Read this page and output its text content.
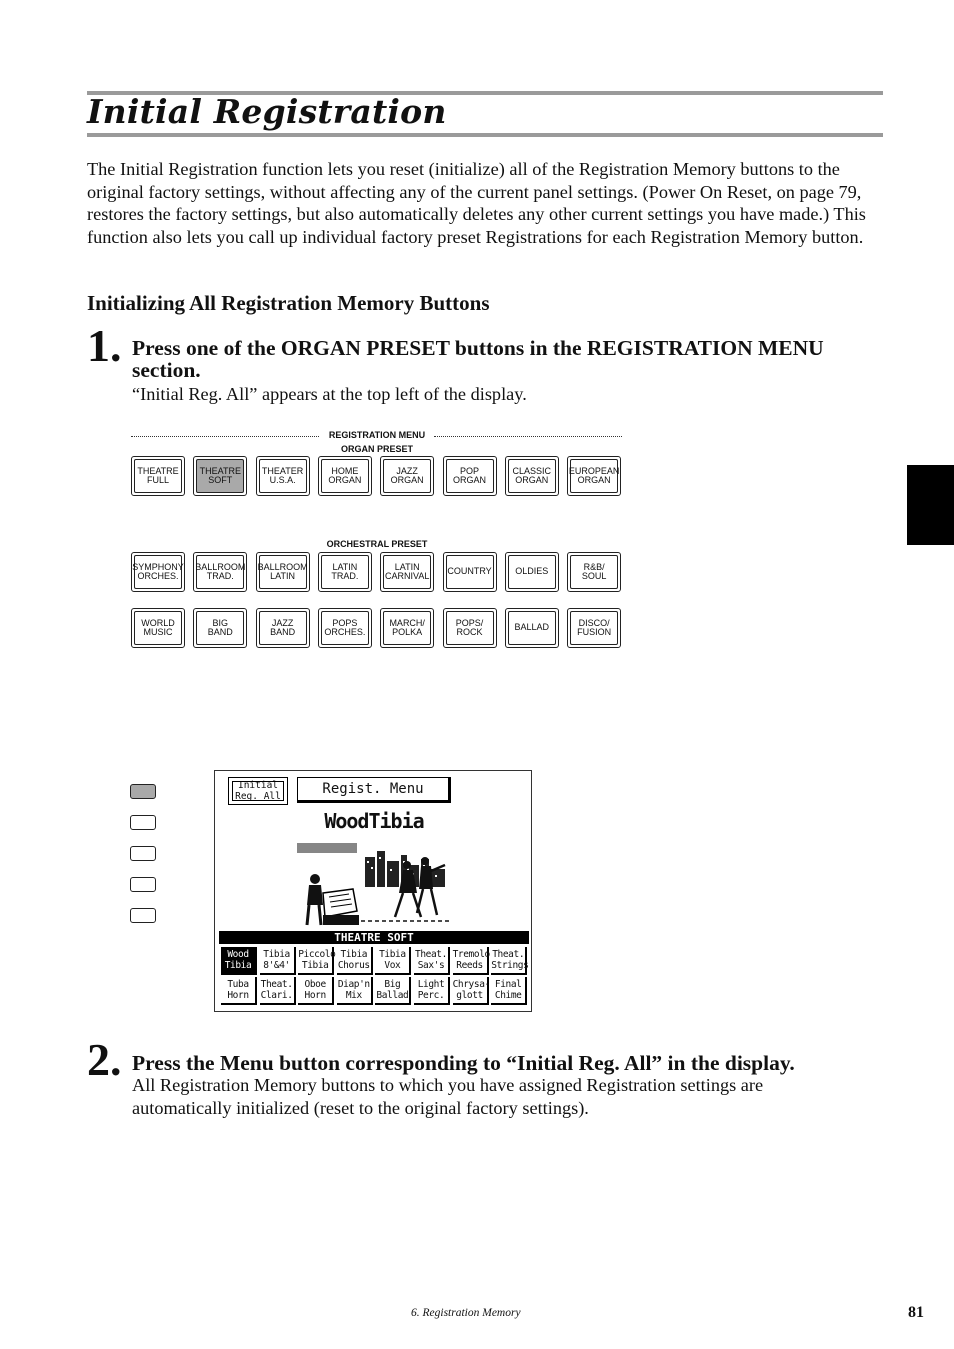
Initial Registration
The Initial Registration function lets you reset (initialize) all of the Registration Memory buttons to the original factory settings, without affecting any of the current panel settings. (Power On Reset, on page 79, restores the factory settings, but also automatically deletes any other current settings you have made.) This function also lets you call up individual factory preset Registrations for each Registration Memory button.
Initializing All Registration Memory Buttons
1. Press one of the ORGAN PRESET buttons in the REGISTRATION MENU section.
“Initial Reg. All” appears at the top left of the display.
REGISTRATION MENU
ORGAN PRESET
THEATRE
FULL
THEATRE
SOFT
THEATER
U.S.A.
HOME
ORGAN
JAZZ
ORGAN
POP
ORGAN
CLASSIC
ORGAN
EUROPEAN
ORGAN
ORCHESTRAL PRESET
SYMPHONY
ORCHES.
BALLROOM
TRAD.
BALLROOM
LATIN
LATIN
TRAD.
LATIN
CARNIVAL COUNTRY	OLDIES	R&B/
SOUL
WORLD
MUSIC
BIG
BAND
JAZZ
BAND
POPS
ORCHES.
MARCH/
POLKA
POPS/
ROCK	BALLAD	DISCO/
FUSION
Initial
Reg. All	Regist. Menu
WoodTibia
THEATRE SOFT
Wood
Tibia
Tibia
8'&4'
Piccolo
Tibia
Tibia
Chorus
Tibia
Vox
Theat.
Sax's
Tremolo
Reeds
Theat.
Strings
Tuba
Horn
Theat.
Clari.
Oboe
Horn
Diap'n
Mix
Big
Ballad
Light
Perc.
Chrysa-
glott
Final
Chime
2. Press the Menu button corresponding to “Initial Reg. All” in the display.
All Registration Memory buttons to which you have assigned Registration settings are automatically initialized (reset to the original factory settings).
6. Registration Memory	81
